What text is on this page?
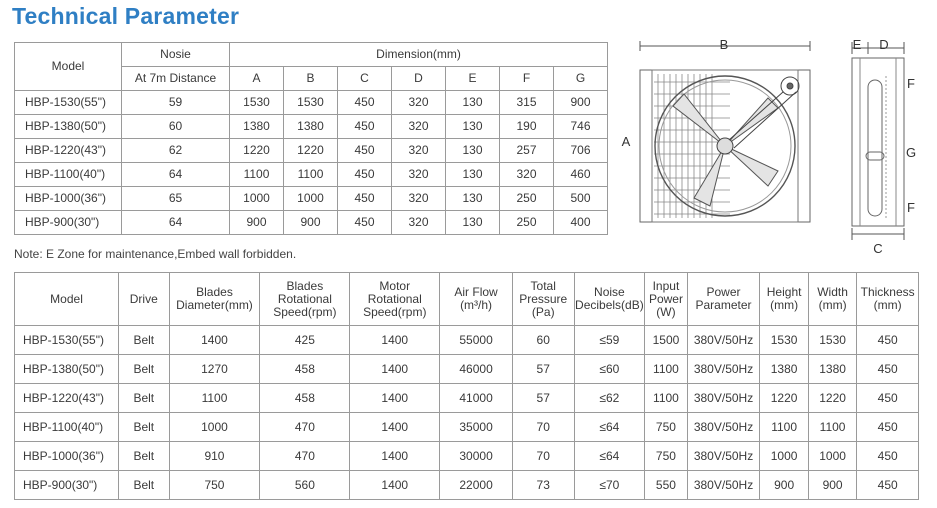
Technical Parameter
Model	Nosie	Dimension(mm)						
	At 7m Distance	A	B	C	D	E	F	G
HBP-1530(55")	59	1530	1530	450	320	130	315	900
HBP-1380(50")	60	1380	1380	450	320	130	190	746
HBP-1220(43")	62	1220	1220	450	320	130	257	706
HBP-1100(40")	64	1100	1100	450	320	130	320	460
HBP-1000(36")	65	1000	1000	450	320	130	250	500
HBP-900(30")	64	900	900	450	320	130	250	400
Note: E Zone for maintenance,Embed wall forbidden.
B
A
E D
F
G
F
C
Model	Drive	Blades
Diameter(mm)	Blades
Rotational
Speed(rpm)	Motor
Rotational
Speed(rpm)	Air Flow
(m³/h)	Total
Pressure
(Pa)	Noise
Decibels(dB)	Input
Power
(W)	Power
Parameter	Height
(mm)	Width
(mm)	Thickness
(mm)
HBP-1530(55")	Belt	1400	425	1400	55000	60	≤59	1500	380V/50Hz	1530	1530	450
HBP-1380(50")	Belt	1270	458	1400	46000	57	≤60	1100	380V/50Hz	1380	1380	450
HBP-1220(43")	Belt	1100	458	1400	41000	57	≤62	1100	380V/50Hz	1220	1220	450
HBP-1100(40")	Belt	1000	470	1400	35000	70	≤64	750	380V/50Hz	1100	1100	450
HBP-1000(36")	Belt	910	470	1400	30000	70	≤64	750	380V/50Hz	1000	1000	450
HBP-900(30")	Belt	750	560	1400	22000	73	≤70	550	380V/50Hz	900	900	450
